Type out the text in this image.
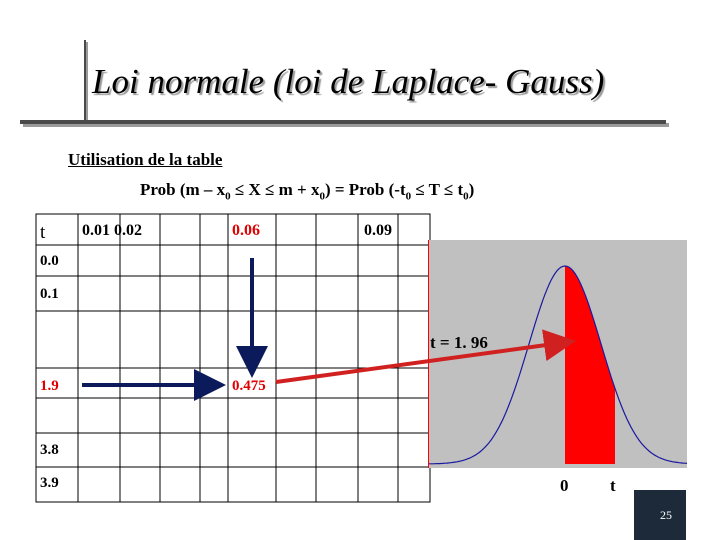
Loi normale (loi de Laplace- Gauss)
Utilisation de la table
Prob $(m - x_0 \le X \le m + x_0)$ = Prob $(-t_0 \le T \le t_0)$
t 0.01 0.02	0.06	0.09
0.0
0.1
1.9
3.8
3.9
0.475
t = 1. 96
0 t
25
